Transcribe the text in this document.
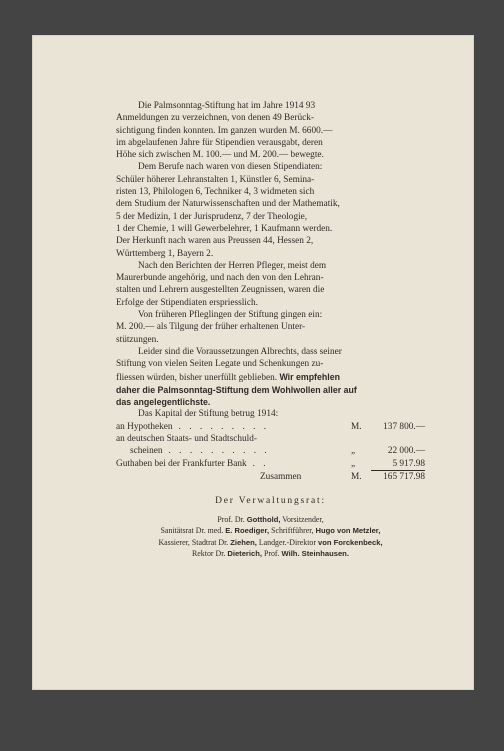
Die Palmsonntag-Stiftung hat im Jahre 1914 93
Anmeldungen zu verzeichnen, von denen 49 Berück-
sichtigung finden konnten. Im ganzen wurden M. 6600.—
im abgelaufenen Jahre für Stipendien verausgabt, deren
Höhe sich zwischen M. 100.— und M. 200.— bewegte.
Dem Berufe nach waren von diesen Stipendiaten:
Schüler höherer Lehranstalten 1, Künstler 6, Semina-
risten 13, Philologen 6, Techniker 4, 3 widmeten sich
dem Studium der Naturwissenschaften und der Mathematik,
5 der Medizin, 1 der Jurisprudenz, 7 der Theologie,
1 der Chemie, 1 will Gewerbelehrer, 1 Kaufmann werden.
Der Herkunft nach waren aus Preussen 44, Hessen 2,
Württemberg 1, Bayern 2.
Nach den Berichten der Herren Pfleger, meist dem
Maurerbunde angehörig, und nach den von den Lehran-
stalten und Lehrern ausgestellten Zeugnissen, waren die
Erfolge der Stipendiaten erspriesslich.
Von früheren Pfleglingen der Stiftung gingen ein:
M. 200.— als Tilgung der früher erhaltenen Unter-
stützungen.
Leider sind die Voraussetzungen Albrechts, dass seiner
Stiftung von vielen Seiten Legate und Schenkungen zu-
fliessen würden, bisher unerfüllt geblieben. Wir empfehlen
daher die Palmsonntag-Stiftung dem Wohlwollen aller auf
das angelegentlichste.
Das Kapital der Stiftung betrug 1914:
an Hypotheken . . . . . . . . .	M.	137 800.—
an deutschen Staats- und Stadtschuld-
scheinen . . . . . . . . . .	„	22 000.—
Guthaben bei der Frankfurter Bank . .	„	5 917.98
Zusammen	M.	165 717.98
Der Verwaltungsrat:
Prof. Dr. Gotthold, Vorsitzender,
Sanitätsrat Dr. med. E. Roediger, Schriftführer, Hugo von Metzler,
Kassierer, Stadtrat Dr. Ziehen, Landger.-Direktor von Forckenbeck,
Rektor Dr. Dieterich, Prof. Wilh. Steinhausen.
